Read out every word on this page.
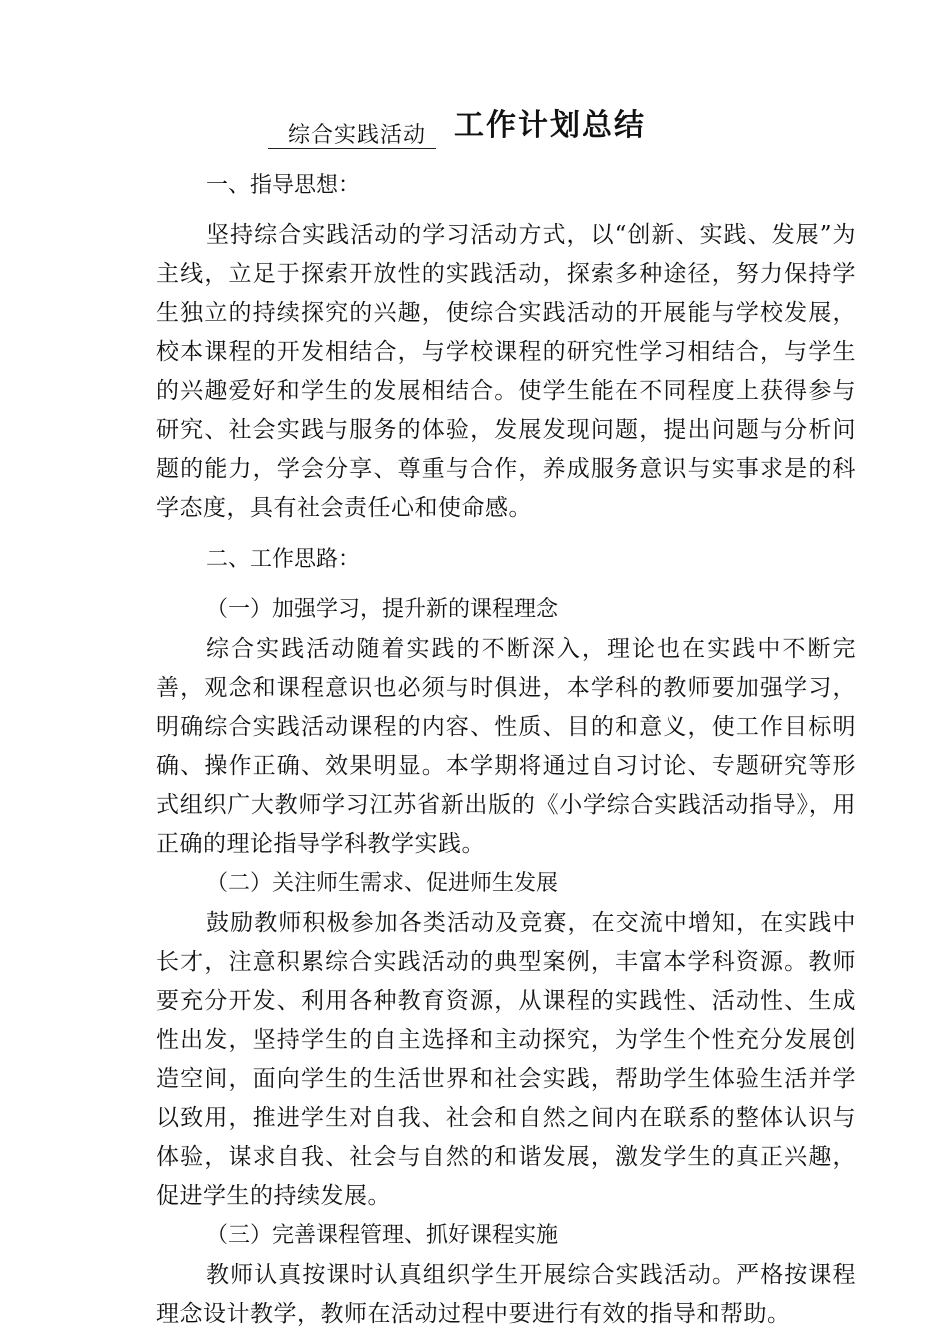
综合实践活动 工作计划总结

一、指导思想：

坚持综合实践活动的学习活动方式，以“创新、实践、发展”为主线，立足于探索开放性的实践活动，探索多种途径，努力保持学生独立的持续探究的兴趣，使综合实践活动的开展能与学校发展，校本课程的开发相结合，与学校课程的研究性学习相结合，与学生的兴趣爱好和学生的发展相结合。使学生能在不同程度上获得参与研究、社会实践与服务的体验，发展发现问题，提出问题与分析问题的能力，学会分享、尊重与合作，养成服务意识与实事求是的科学态度，具有社会责任心和使命感。

二、工作思路：

（一）加强学习，提升新的课程理念

综合实践活动随着实践的不断深入，理论也在实践中不断完善，观念和课程意识也必须与时俱进，本学科的教师要加强学习，明确综合实践活动课程的内容、性质、目的和意义，使工作目标明确、操作正确、效果明显。本学期将通过自习讨论、专题研究等形式组织广大教师学习江苏省新出版的《小学综合实践活动指导》，用正确的理论指导学科教学实践。

（二）关注师生需求、促进师生发展

鼓励教师积极参加各类活动及竞赛，在交流中增知，在实践中长才，注意积累综合实践活动的典型案例，丰富本学科资源。教师要充分开发、利用各种教育资源，从课程的实践性、活动性、生成性出发，坚持学生的自主选择和主动探究，为学生个性充分发展创造空间，面向学生的生活世界和社会实践，帮助学生体验生活并学以致用，推进学生对自我、社会和自然之间内在联系的整体认识与体验，谋求自我、社会与自然的和谐发展，激发学生的真正兴趣，促进学生的持续发展。

（三）完善课程管理、抓好课程实施

教师认真按课时认真组织学生开展综合实践活动。严格按课程理念设计教学，教师在活动过程中要进行有效的指导和帮助。
